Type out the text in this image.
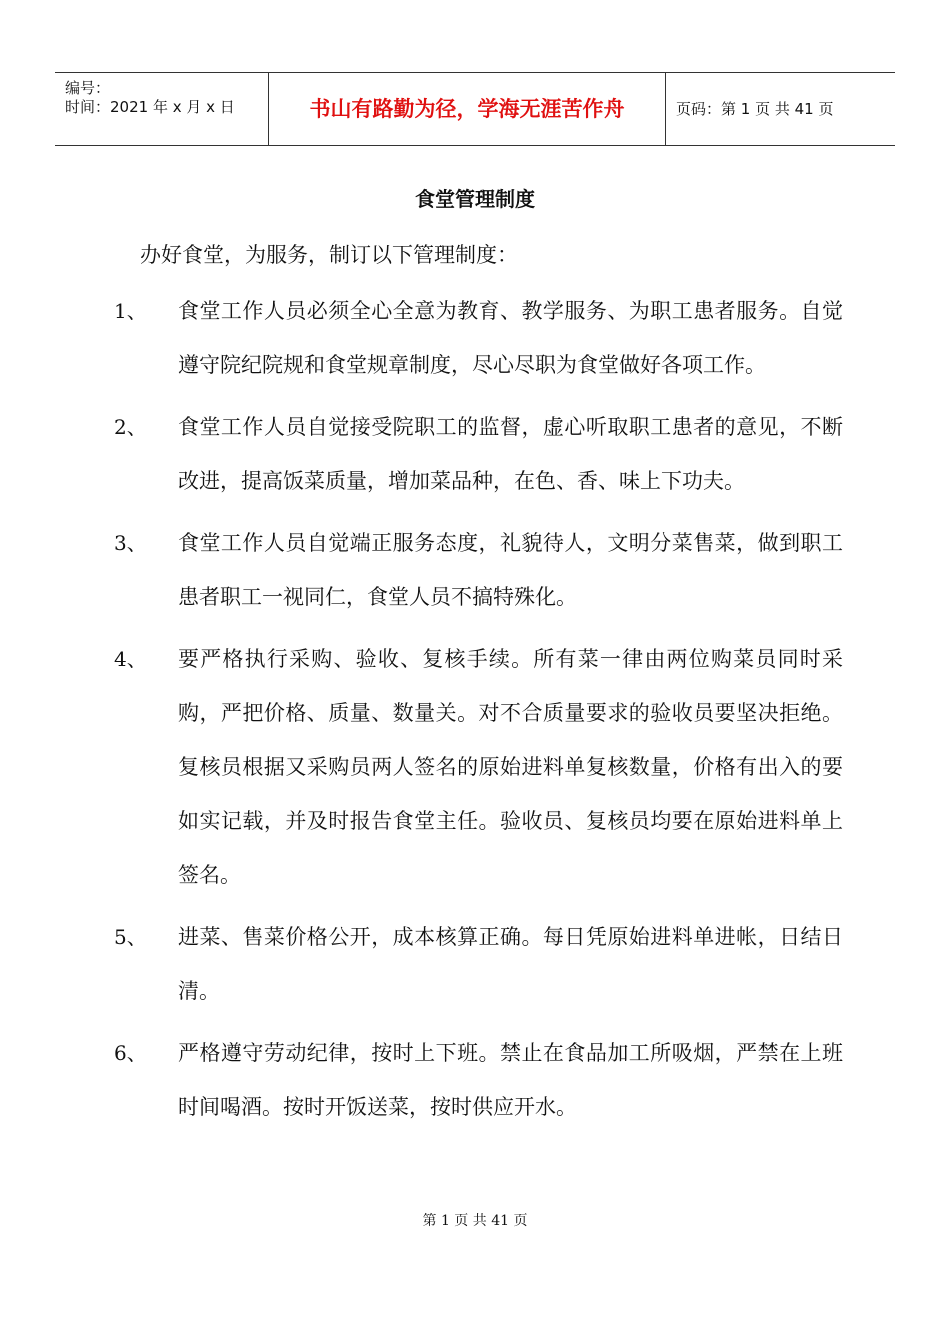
编号：
时间：2021 年 x 月 x 日	书山有路勤为径，学海无涯苦作舟	页码：第 1 页 共 41 页
食堂管理制度
办好食堂，为服务，制订以下管理制度：
1、 食堂工作人员必须全心全意为教育、教学服务、为职工患者服务。自觉遵守院纪院规和食堂规章制度，尽心尽职为食堂做好各项工作。
2、 食堂工作人员自觉接受院职工的监督，虚心听取职工患者的意见，不断改进，提高饭菜质量，增加菜品种，在色、香、味上下功夫。
3、 食堂工作人员自觉端正服务态度，礼貌待人，文明分菜售菜，做到职工患者职工一视同仁，食堂人员不搞特殊化。
4、 要严格执行采购、验收、复核手续。所有菜一律由两位购菜员同时采购，严把价格、质量、数量关。对不合质量要求的验收员要坚决拒绝。复核员根据又采购员两人签名的原始进料单复核数量，价格有出入的要如实记载，并及时报告食堂主任。验收员、复核员均要在原始进料单上签名。
5、 进菜、售菜价格公开，成本核算正确。每日凭原始进料单进帐，日结日清。
6、 严格遵守劳动纪律，按时上下班。禁止在食品加工所吸烟，严禁在上班时间喝酒。按时开饭送菜，按时供应开水。
第 1 页 共 41 页
